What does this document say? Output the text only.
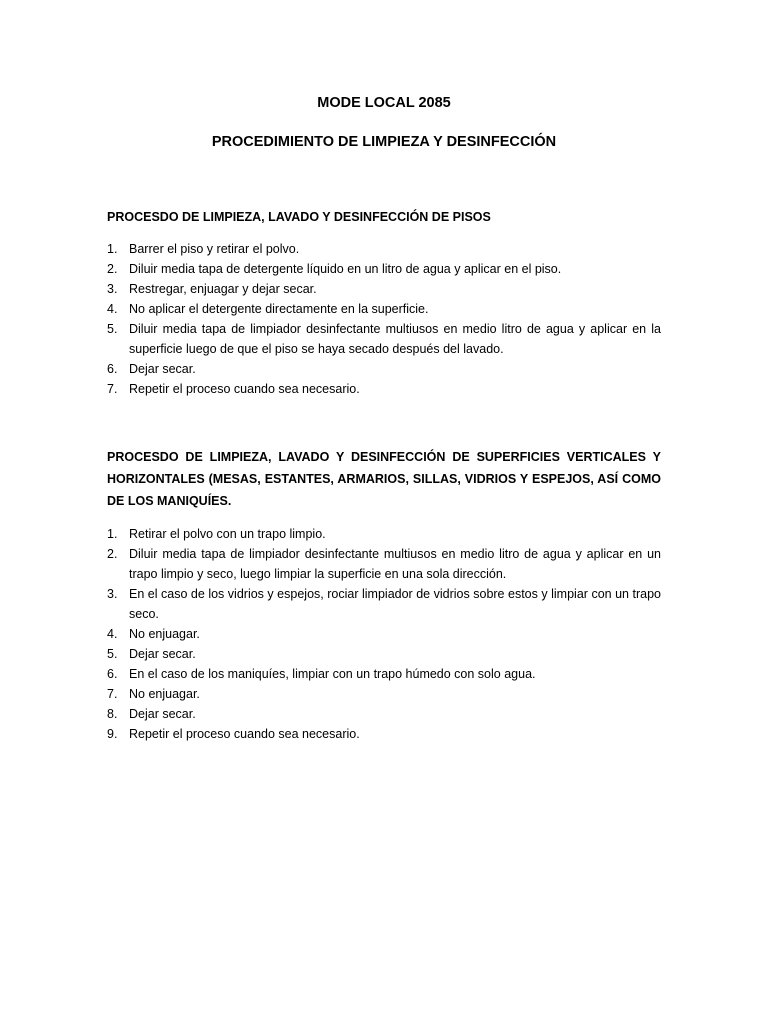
MODE LOCAL 2085
PROCEDIMIENTO DE LIMPIEZA Y DESINFECCIÓN
PROCESDO DE LIMPIEZA, LAVADO Y DESINFECCIÓN DE PISOS
1. Barrer el piso y retirar el polvo.
2. Diluir media tapa de detergente líquido en un litro de agua y aplicar en el piso.
3. Restregar, enjuagar y dejar secar.
4. No aplicar el detergente directamente en la superficie.
5. Diluir media tapa de limpiador desinfectante multiusos en medio litro de agua y aplicar en la superficie luego de que el piso se haya secado después del lavado.
6. Dejar secar.
7. Repetir el proceso cuando sea necesario.
PROCESDO DE LIMPIEZA, LAVADO Y DESINFECCIÓN DE SUPERFICIES VERTICALES Y HORIZONTALES (MESAS, ESTANTES, ARMARIOS, SILLAS, VIDRIOS Y ESPEJOS, ASÍ COMO DE LOS MANIQUÍES.
1. Retirar el polvo con un trapo limpio.
2. Diluir media tapa de limpiador desinfectante multiusos en medio litro de agua y aplicar en un trapo limpio y seco, luego limpiar la superficie en una sola dirección.
3. En el caso de los vidrios y espejos, rociar limpiador de vidrios sobre estos y limpiar con un trapo seco.
4. No enjuagar.
5. Dejar secar.
6. En el caso de los maniquíes, limpiar con un trapo húmedo con solo agua.
7. No enjuagar.
8. Dejar secar.
9. Repetir el proceso cuando sea necesario.
